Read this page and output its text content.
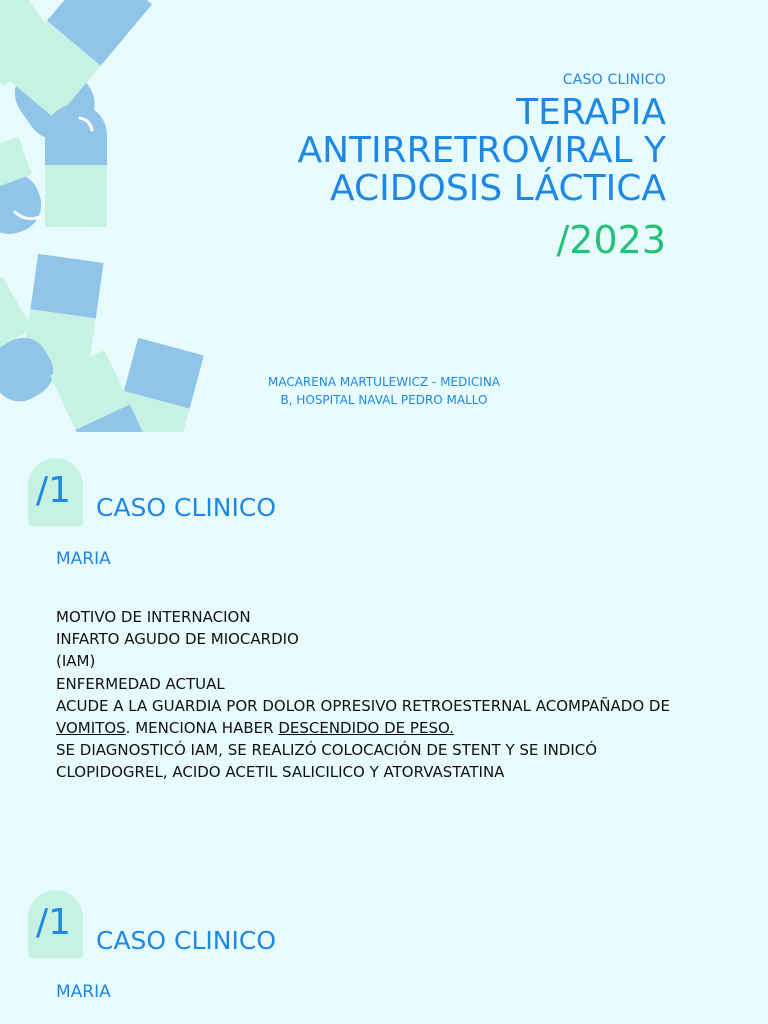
CASO CLINICO
TERAPIA
ANTIRRETROVIRAL Y
ACIDOSIS LÁCTICA
/2023
MACARENA MARTULEWICZ - MEDICINA
B, HOSPITAL NAVAL PEDRO MALLO
/1 CASO CLINICO
MARIA
MOTIVO DE INTERNACION
INFARTO AGUDO DE MIOCARDIO
(IAM)
ENFERMEDAD ACTUAL
ACUDE A LA GUARDIA POR DOLOR OPRESIVO RETROESTERNAL ACOMPAÑADO DE
VOMITOS. MENCIONA HABER DESCENDIDO DE PESO.
SE DIAGNOSTICÓ IAM, SE REALIZÓ COLOCACIÓN DE STENT Y SE INDICÓ
CLOPIDOGREL, ACIDO ACETIL SALICILICO Y ATORVASTATINA
/1 CASO CLINICO
MARIA
